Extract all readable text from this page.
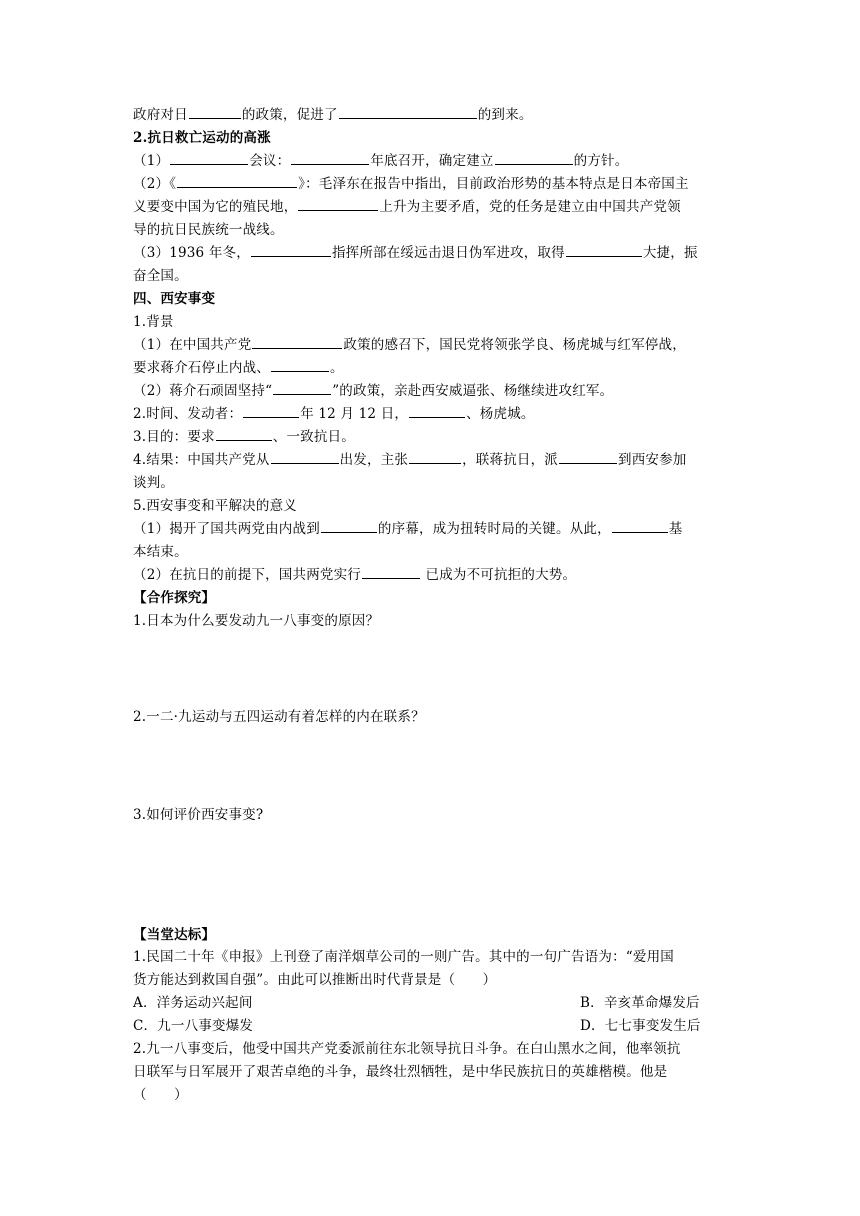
政府对日	的政策，促进了	的到来。
2.抗日救亡运动的高涨
（1）	会议：	年底召开，确定建立	的方针。
（2）《	》：毛泽东在报告中指出，目前政治形势的基本特点是日本帝国主
义要变中国为它的殖民地，	上升为主要矛盾，党的任务是建立由中国共产党领
导的抗日民族统一战线。
（3）1936 年冬，	指挥所部在绥远击退日伪军进攻，取得	大捷，振
奋全国。
四、西安事变
1.背景
（1）在中国共产党	政策的感召下，国民党将领张学良、杨虎城与红军停战，
要求蒋介石停止内战、	。
（2）蒋介石顽固坚持“	”的政策，亲赴西安威逼张、杨继续进攻红军。
2.时间、发动者：	年 12 月 12 日，	、杨虎城。
3.目的：要求	、一致抗日。
4.结果：中国共产党从	出发，主张	，联蒋抗日，派	到西安参加
谈判。
5.西安事变和平解决的意义
（1）揭开了国共两党由内战到	的序幕，成为扭转时局的关键。从此，	基
本结束。
（2）在抗日的前提下，国共两党实行	已成为不可抗拒的大势。
【合作探究】
1.日本为什么要发动九一八事变的原因？
2.一二·九运动与五四运动有着怎样的内在联系？
3.如何评价西安事变?
【当堂达标】
1.民国二十年《申报》上刊登了南洋烟草公司的一则广告。其中的一句广告语为：“爱用国
货方能达到救国自强”。由此可以推断出时代背景是（　　）
A．洋务运动兴起间	B．辛亥革命爆发后
C．九一八事变爆发	D．七七事变发生后
2.九一八事变后，他受中国共产党委派前往东北领导抗日斗争。在白山黑水之间，他率领抗
日联军与日军展开了艰苦卓绝的斗争，最终壮烈牺牲，是中华民族抗日的英雄楷模。他是
（　　）
